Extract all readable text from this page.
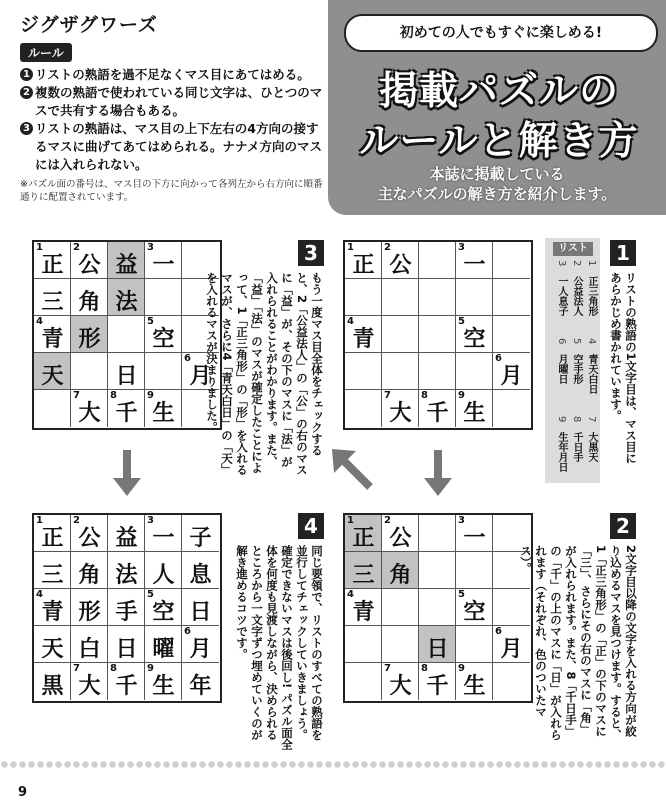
ジグザグワーズ
ルール
1 リストの熟語を過不足なくマス目にあてはめる。
2 複数の熟語で使われている同じ文字は、ひとつのマスで共有する場合もある。
3 リストの熟語は、マス目の上下左右の4方向の接するマスに曲げてあてはめられる。ナナメ方向のマスには入れられない。
※パズル面の番号は、マス目の下方に向かって各列左から右方向に順番通りに配置されています。
初めての人でもすぐに楽しめる!
掲載パズルの
ルールと解き方
本誌に掲載している
主なパズルの解き方を紹介します。
1
正
2
公 益
3
一
三 角 法
4
青 形
5
空
天	日
6
月
7
大
8
千
9
生
1
正
2
公
3
一
4
青
5
空
6
月
7
大
8
千
9
生
1
正
2
公 益
3
一 子
三 角 法 人 息
4
青 形 手
5
空 日
天 白 日 曜
6
月
黒
7
大
8
千
9
生 年
1
正
2
公
3
一
三 角
4
青
5
空
日
6
月
7
大
8
千
9
生
1
リストの熟語の1文字目は、マス目にあらかじめ書かれています。
リスト
1
正三角形
2
公益法人
3
一人息子
4
青天白日
5
空手形
6
月曜日
7
大黒天
8
千日手
9
生年月日
2
2文字目以降の文字を入れる方向が絞り込めるマスを見つけます。すると、1「正三角形」の「正」の下のマスに「三」、さらにその右のマスに「角」が入れられます。また、8「千日手」の「千」の上のマスに「日」が入れられます（それぞれ、色のついたマス）。
3
もう一度マス目全体をチェックすると、2「公益法人」の「公」の右のマスに「益」が、その下のマスに「法」が入れられることがわかります。また、「益」「法」のマスが確定したことによって、1「正三角形」の「形」を入れるマスが、さらに4「青天白日」の「天」を入れるマスが決まりました。
4
同じ要領で、リストのすべての熟語を並行してチェックしていきましょう。確定できないマスは後回し! パズル面全体を何度も見渡しながら、決められるところから一文字ずつ埋めていくのが解き進めるコツです。
9
